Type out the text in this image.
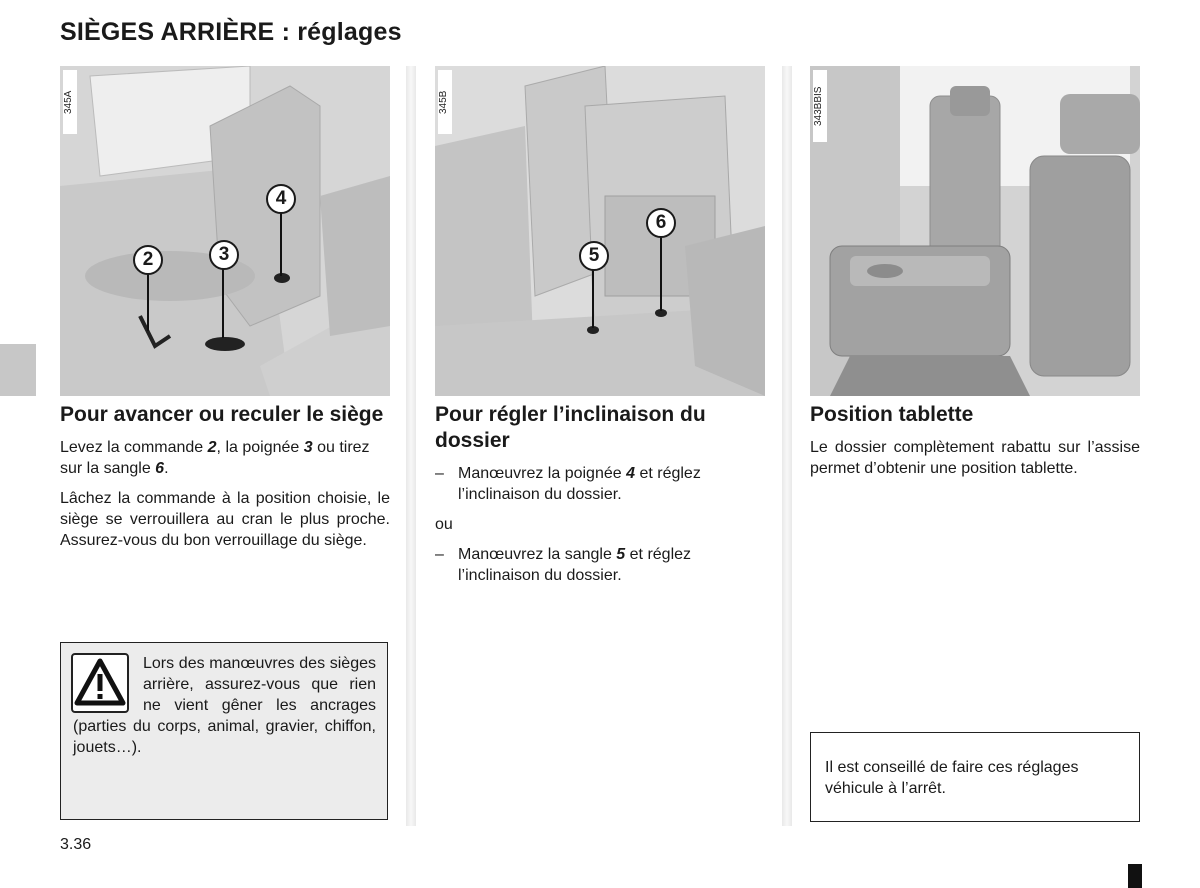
SIÈGES ARRIÈRE : réglages
345A
2	3
4
345B
5
6
343BBIS
Pour avancer ou reculer le siège

Levez la commande 2, la poignée 3 ou tirez sur la sangle 6.

Lâchez la commande à la position choisie, le siège se verrouillera au cran le plus proche. Assurez-vous du bon verrouillage du siège.

Pour régler l’inclinaison du dossier
– Manœuvrez la poignée 4 et réglez l’inclinaison du dossier.

ou

– Manœuvrez la sangle 5 et réglez l’inclinaison du dossier.
Position tablette

Le dossier complètement rabattu sur l’assise permet d’obtenir une position tablette.

Lors des manœuvres des sièges arrière, assurez-vous que rien ne vient gêner les ancrages (parties du corps, animal, gravier, chiffon, jouets…).

Il est conseillé de faire ces réglages véhicule à l’arrêt.

3.36
